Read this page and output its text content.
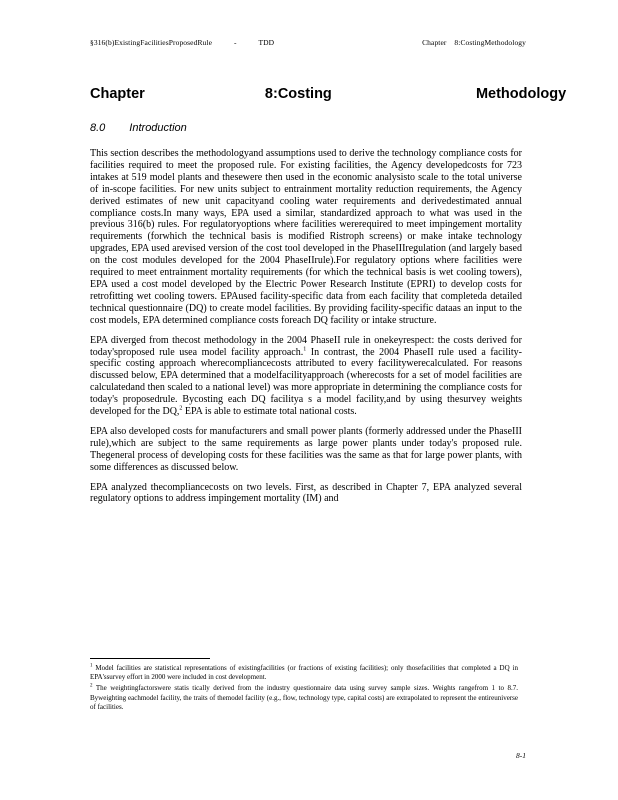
§316(b)ExistingFacilitiesProposedRule	-	TDD	Chapter    8:CostingMethodology
Chapter     8:Costing      Methodology
8.0 Introduction

This section describes the methodologyand assumptions used to derive the technology compliance costs for facilities required to meet the proposed rule. For existing facilities, the Agency developedcosts for 723 intakes at 519 model plants and thesewere then used in the economic analysisto scale to the total universe of in-scope facilities. For new units subject to entrainment mortality reduction requirements, the Agency derived estimates of new unit capacityand cooling water requirements and derivedestimated annual compliance costs.In many ways, EPA used a similar, standardized approach to what was used in the previous 316(b) rules. For regulatoryoptions where facilities wererequired to meet impingement mortality requirements (forwhich the technical basis is modified Ristroph screens) or make intake technology upgrades, EPA used arevised version of the cost tool developed in the PhaseIIIregulation (and largely based on the cost modules developed for the 2004 PhaseIIrule).For regulatory options where facilities were required to meet entrainment mortality requirements (for which the technical basis is wet cooling towers), EPA used a cost model developed by the Electric Power Research Institute (EPRI) to develop costs for retrofitting wet cooling towers. EPAused facility-specific data from each facility that completeda detailed technical questionnaire (DQ) to create model facilities. By providing facility-specific dataas an input to the cost models, EPA determined compliance costs foreach DQ facility or intake structure.

EPA diverged from thecost methodology in the 2004 PhaseII rule in onekeyrespect: the costs derived for today'sproposed rule usea model facility approach.$^1$ In contrast, the 2004 PhaseII rule used a facility-specific costing approach wherecompliancecosts attributed to every facilitywerecalculated. For reasons discussed below, EPA determined that a modelfacilityapproach (wherecosts for a set of model facilities are calculatedand then scaled to a national level) was more appropriate in determining the compliance costs for today's proposedrule. Bycosting each DQ facilitya s a model facility,and by using thesurvey weights developed for the DQ,$^2$ EPA is able to estimate total national costs.

EPA also developed costs for manufacturers and small power plants (formerly addressed under the PhaseIII rule),which are subject to the same requirements as large power plants under today's proposed rule. Thegeneral process of developing costs for these facilities was the same as that for large power plants, with some differences as discussed below.

EPA analyzed thecompliancecosts on two levels. First, as described in Chapter 7, EPA analyzed several regulatory options to address impingement mortality (IM) and

$^1$ Model facilities are statistical representations of existingfacilities (or fractions of existing facilities); only thosefacilities that completed a DQ in EPA'ssurvey effort in 2000 were included in cost development.

$^2$ The weightingfactorswere statis tically derived from the industry questionnaire data using survey sample sizes. Weights rangefrom 1 to 8.7. Byweighting eachmodel facility, the traits of themodel facility (e.g., flow, technology type, capital costs) are extrapolated to represent the entireuniverse of facilities.

8-1
